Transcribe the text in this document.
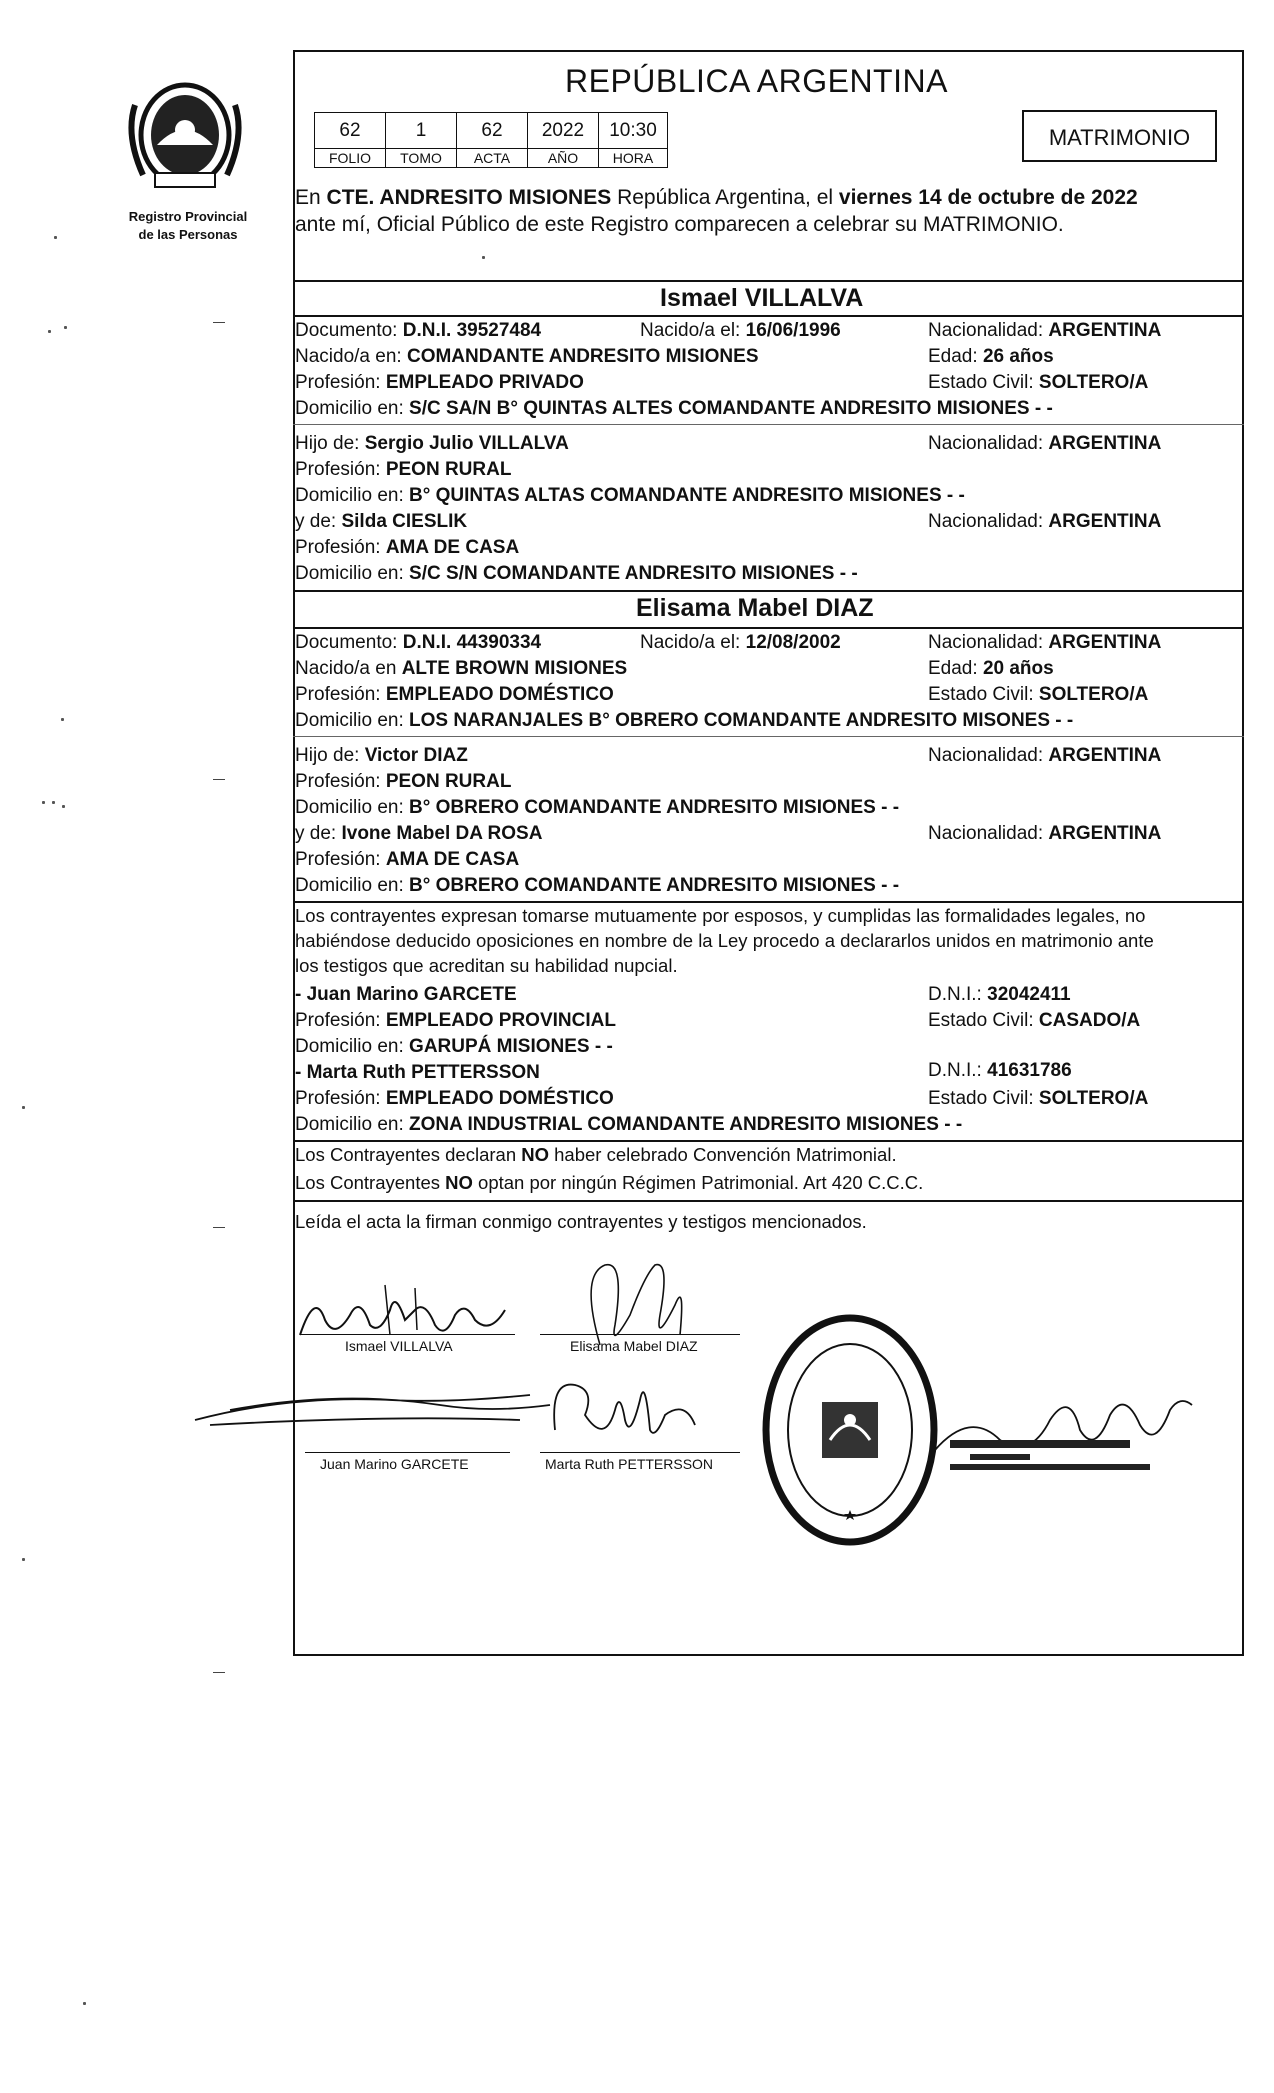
Registro Provincial
de las Personas
REPÚBLICA ARGENTINA
62	1	62	2022	10:30
FOLIO	TOMO	ACTA	AÑO	HORA
MATRIMONIO
En CTE. ANDRESITO MISIONES República Argentina, el viernes 14 de octubre de 2022
ante mí, Oficial Público de este Registro comparecen a celebrar su MATRIMONIO.
Ismael VILLALVA
Documento: D.N.I. 39527484	Nacido/a el: 16/06/1996	Nacionalidad: ARGENTINA
Nacido/a en: COMANDANTE ANDRESITO MISIONES	Edad: 26 años
Profesión: EMPLEADO PRIVADO	Estado Civil: SOLTERO/A
Domicilio en: S/C SA/N B° QUINTAS ALTES COMANDANTE ANDRESITO MISIONES - -
Hijo de: Sergio Julio VILLALVA	Nacionalidad: ARGENTINA
Profesión: PEON RURAL
Domicilio en: B° QUINTAS ALTAS COMANDANTE ANDRESITO MISIONES - -
y de: Silda CIESLIK	Nacionalidad: ARGENTINA
Profesión: AMA DE CASA
Domicilio en: S/C S/N COMANDANTE ANDRESITO MISIONES - -
Elisama Mabel DIAZ
Documento: D.N.I. 44390334	Nacido/a el: 12/08/2002	Nacionalidad: ARGENTINA
Nacido/a en ALTE BROWN MISIONES	Edad: 20 años
Profesión: EMPLEADO DOMÉSTICO	Estado Civil: SOLTERO/A
Domicilio en: LOS NARANJALES B° OBRERO COMANDANTE ANDRESITO MISONES - -
Hijo de: Victor DIAZ	Nacionalidad: ARGENTINA
Profesión: PEON RURAL
Domicilio en: B° OBRERO COMANDANTE ANDRESITO MISIONES - -
y de: Ivone Mabel DA ROSA	Nacionalidad: ARGENTINA
Profesión: AMA DE CASA
Domicilio en: B° OBRERO COMANDANTE ANDRESITO MISIONES - -
Los contrayentes expresan tomarse mutuamente por esposos, y cumplidas las formalidades legales, no
habiéndose deducido oposiciones en nombre de la Ley procedo a declararlos unidos en matrimonio ante
los testigos que acreditan su habilidad nupcial.
- Juan Marino GARCETE	D.N.I.: 32042411
Profesión: EMPLEADO PROVINCIAL	Estado Civil: CASADO/A
Domicilio en: GARUPÁ MISIONES - -
- Marta Ruth PETTERSSON	D.N.I.: 41631786
Profesión: EMPLEADO DOMÉSTICO	Estado Civil: SOLTERO/A
Domicilio en: ZONA INDUSTRIAL COMANDANTE ANDRESITO MISIONES - -
Los Contrayentes declaran NO haber celebrado Convención Matrimonial.
Los Contrayentes NO optan por ningún Régimen Patrimonial. Art 420 C.C.C.
Leída el acta la firman conmigo contrayentes y testigos mencionados.
Ismael VILLALVA	Elisama Mabel DIAZ
Juan Marino GARCETE	Marta Ruth PETTERSSON
